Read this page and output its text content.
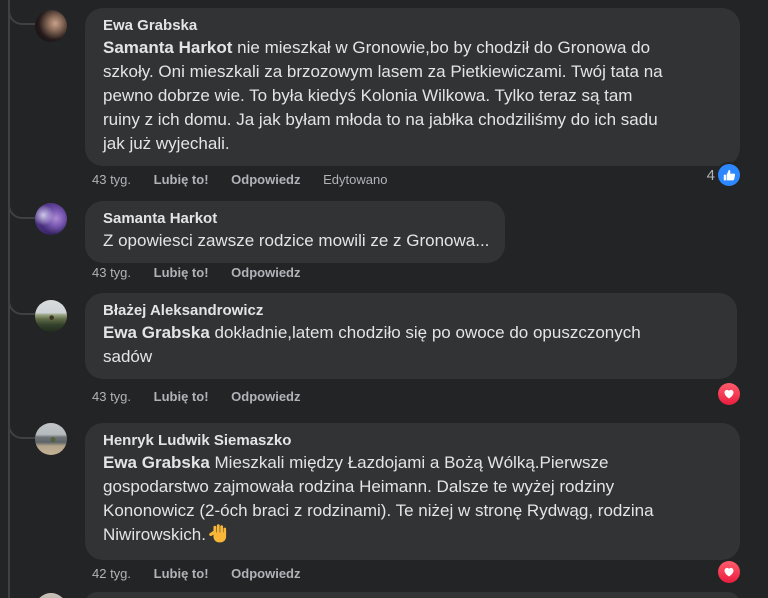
Ewa Grabska
Samanta Harkot nie mieszkał w Gronowie,bo by chodził do Gronowa do szkoły. Oni mieszkali za brzozowym lasem za Pietkiewiczami. Twój tata na pewno dobrze wie. To była kiedyś Kolonia Wilkowa. Tylko teraz są tam ruiny z ich domu. Ja jak byłam młoda to na jabłka chodziliśmy do ich sadu jak już wyjechali.
43 tyg. Lubię to! Odpowiedz Edytowano	4
Samanta Harkot
Z opowiesci zawsze rodzice mowili ze z Gronowa...
43 tyg. Lubię to! Odpowiedz
Błażej Aleksandrowicz
Ewa Grabska dokładnie,latem chodziło się po owoce do opuszczonych sadów
43 tyg. Lubię to! Odpowiedz
Henryk Ludwik Siemaszko
Ewa Grabska Mieszkali między Łazdojami a Bożą Wólką.Pierwsze gospodarstwo zajmowała rodzina Heimann. Dalsze te wyżej rodziny Kononowicz (2-óch braci z rodzinami). Te niżej w stronę Rydwąg, rodzina Niwirowskich.
42 tyg. Lubię to! Odpowiedz
